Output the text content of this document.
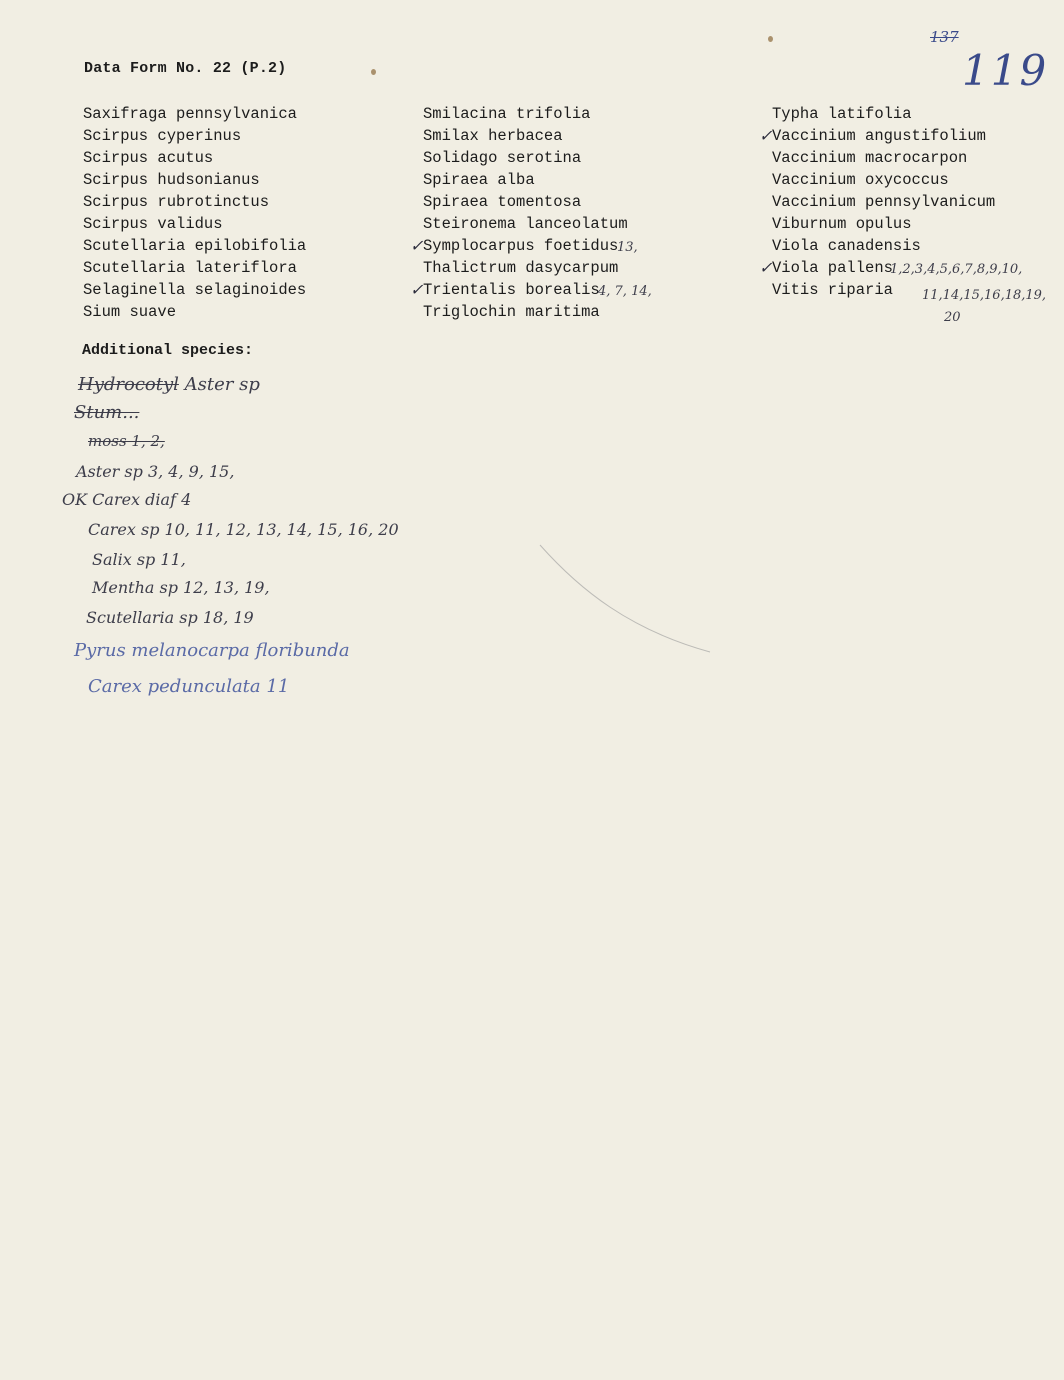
Data Form No. 22 (P.2)
137
119
Saxifraga pennsylvanica
Scirpus cyperinus
Scirpus acutus
Scirpus hudsonianus
Scirpus rubrotinctus
Scirpus validus
Scutellaria epilobifolia
Scutellaria lateriflora
Selaginella selaginoides
Sium suave
Smilacina trifolia
Smilax herbacea
Solidago serotina
Spiraea alba
Spiraea tomentosa
Steironema lanceolatum
Symplocarpus foetidus
Thalictrum dasycarpum
Trientalis borealis
Triglochin maritima
Typha latifolia
Vaccinium angustifolium
Vaccinium macrocarpon
Vaccinium oxycoccus
Vaccinium pennsylvanicum
Viburnum opulus
Viola canadensis
Viola pallens
Vitis riparia
✓
✓
✓
✓
13,
4, 7, 14,
1,2,3,4,5,6,7,8,9,10,
11,14,15,16,18,19,
20
Additional species:
Hydrocotyl Aster sp
Stum...
moss 1, 2,
Aster sp 3, 4, 9, 15,
OK Carex diaf 4
Carex sp 10, 11, 12, 13, 14, 15, 16, 20
Salix sp 11,
Mentha sp 12, 13, 19,
Scutellaria sp 18, 19
Pyrus melanocarpa floribunda
Carex pedunculata 11
